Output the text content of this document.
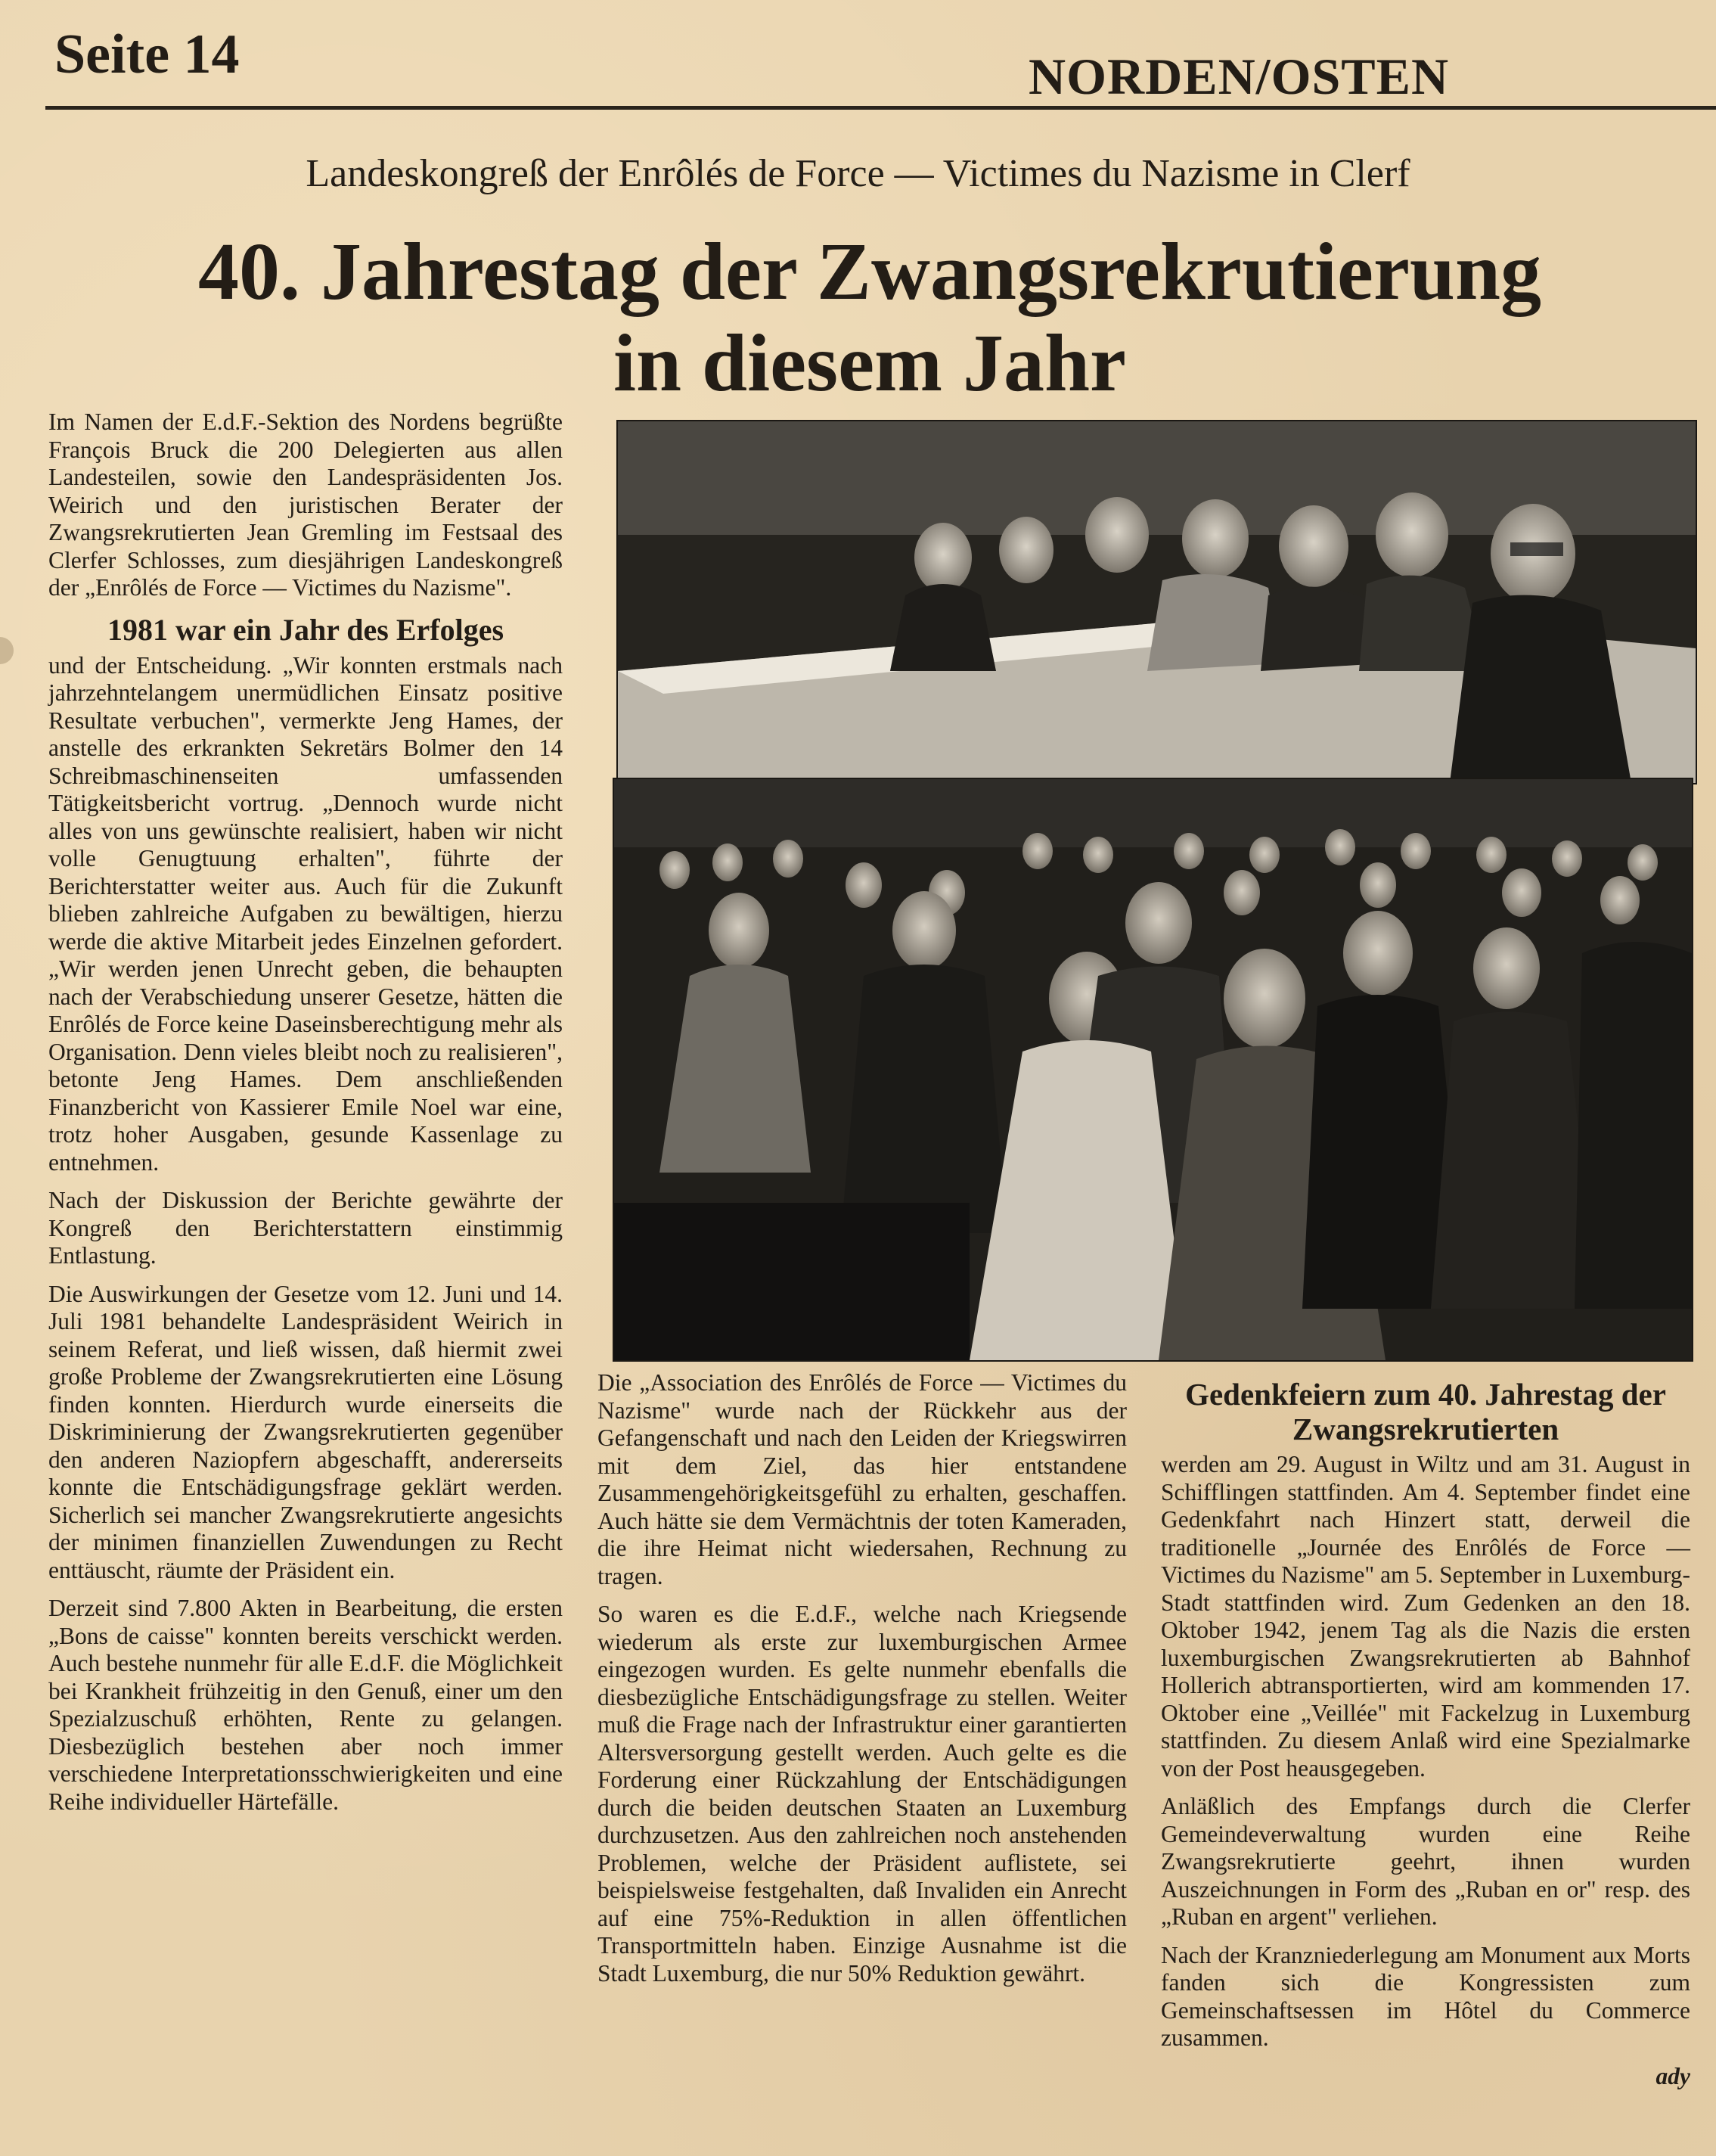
Seite 14	NORDEN/OSTEN
Landeskongreß der Enrôlés de Force — Victimes du Nazisme in Clerf
40. Jahrestag der Zwangsrekrutierung
in diesem Jahr

Im Namen der E.d.F.-Sektion des Nordens begrüßte François Bruck die 200 Delegierten aus allen Landesteilen, sowie den Landespräsidenten Jos. Weirich und den juristischen Berater der Zwangsrekrutierten Jean Gremling im Festsaal des Clerfer Schlosses, zum diesjährigen Landeskongreß der „Enrôlés de Force — Victimes du Nazisme".

1981 war ein Jahr des Erfolges

und der Entscheidung. „Wir konnten erstmals nach jahrzehntelangem unermüdlichen Einsatz positive Resultate verbuchen", vermerkte Jeng Hames, der anstelle des erkrankten Sekretärs Bolmer den 14 Schreibmaschinenseiten umfassenden Tätigkeitsbericht vortrug. „Dennoch wurde nicht alles von uns gewünschte realisiert, haben wir nicht volle Genugtuung erhalten", führte der Berichterstatter weiter aus. Auch für die Zukunft blieben zahlreiche Aufgaben zu bewältigen, hierzu werde die aktive Mitarbeit jedes Einzelnen gefordert. „Wir werden jenen Unrecht geben, die behaupten nach der Verabschiedung unserer Gesetze, hätten die Enrôlés de Force keine Daseinsberechtigung mehr als Organisation. Denn vieles bleibt noch zu realisieren", betonte Jeng Hames. Dem anschließenden Finanzbericht von Kassierer Emile Noel war eine, trotz hoher Ausgaben, gesunde Kassenlage zu entnehmen.

Nach der Diskussion der Berichte gewährte der Kongreß den Berichterstattern einstimmig Entlastung.

Die Auswirkungen der Gesetze vom 12. Juni und 14. Juli 1981 behandelte Landespräsident Weirich in seinem Referat, und ließ wissen, daß hiermit zwei große Probleme der Zwangsrekrutierten eine Lösung finden konnten. Hierdurch wurde einerseits die Diskriminierung der Zwangsrekrutierten gegenüber den anderen Naziopfern abgeschafft, andererseits konnte die Entschädigungsfrage geklärt werden. Sicherlich sei mancher Zwangsrekrutierte angesichts der minimen finanziellen Zuwendungen zu Recht enttäuscht, räumte der Präsident ein.

Derzeit sind 7.800 Akten in Bearbeitung, die ersten „Bons de caisse" konnten bereits verschickt werden. Auch bestehe nunmehr für alle E.d.F. die Möglichkeit bei Krankheit frühzeitig in den Genuß, einer um den Spezialzuschuß erhöhten, Rente zu gelangen. Diesbezüglich bestehen aber noch immer verschiedene Interpretationsschwierigkeiten und eine Reihe individueller Härtefälle.

Die „Association des Enrôlés de Force — Victimes du Nazisme" wurde nach der Rückkehr aus der Gefangenschaft und nach den Leiden der Kriegswirren mit dem Ziel, das hier entstandene Zusammengehörigkeitsgefühl zu erhalten, geschaffen. Auch hätte sie dem Vermächtnis der toten Kameraden, die ihre Heimat nicht wiedersahen, Rechnung zu tragen.

So waren es die E.d.F., welche nach Kriegsende wiederum als erste zur luxemburgischen Armee eingezogen wurden. Es gelte nunmehr ebenfalls die diesbezügliche Entschädigungsfrage zu stellen. Weiter muß die Frage nach der Infrastruktur einer garantierten Altersversorgung gestellt werden. Auch gelte es die Forderung einer Rückzahlung der Entschädigungen durch die beiden deutschen Staaten an Luxemburg durchzusetzen. Aus den zahlreichen noch anstehenden Problemen, welche der Präsident auflistete, sei beispielsweise festgehalten, daß Invaliden ein Anrecht auf eine 75%-Reduktion in allen öffentlichen Transportmitteln haben. Einzige Ausnahme ist die Stadt Luxemburg, die nur 50% Reduktion gewährt.

Gedenkfeiern zum 40. Jahrestag der Zwangsrekrutierten

werden am 29. August in Wiltz und am 31. August in Schifflingen stattfinden. Am 4. September findet eine Gedenkfahrt nach Hinzert statt, derweil die traditionelle „Journée des Enrôlés de Force — Victimes du Nazisme" am 5. September in Luxemburg-Stadt stattfinden wird. Zum Gedenken an den 18. Oktober 1942, jenem Tag als die Nazis die ersten luxemburgischen Zwangsrekrutierten ab Bahnhof Hollerich abtransportierten, wird am kommenden 17. Oktober eine „Veillée" mit Fackelzug in Luxemburg stattfinden. Zu diesem Anlaß wird eine Spezialmarke von der Post heausgegeben.

Anläßlich des Empfangs durch die Clerfer Gemeindeverwaltung wurden eine Reihe Zwangsrekrutierte geehrt, ihnen wurden Auszeichnungen in Form des „Ruban en or" resp. des „Ruban en argent" verliehen.

Nach der Kranzniederlegung am Monument aux Morts fanden sich die Kongressisten zum Gemeinschaftsessen im Hôtel du Commerce zusammen.

ady
